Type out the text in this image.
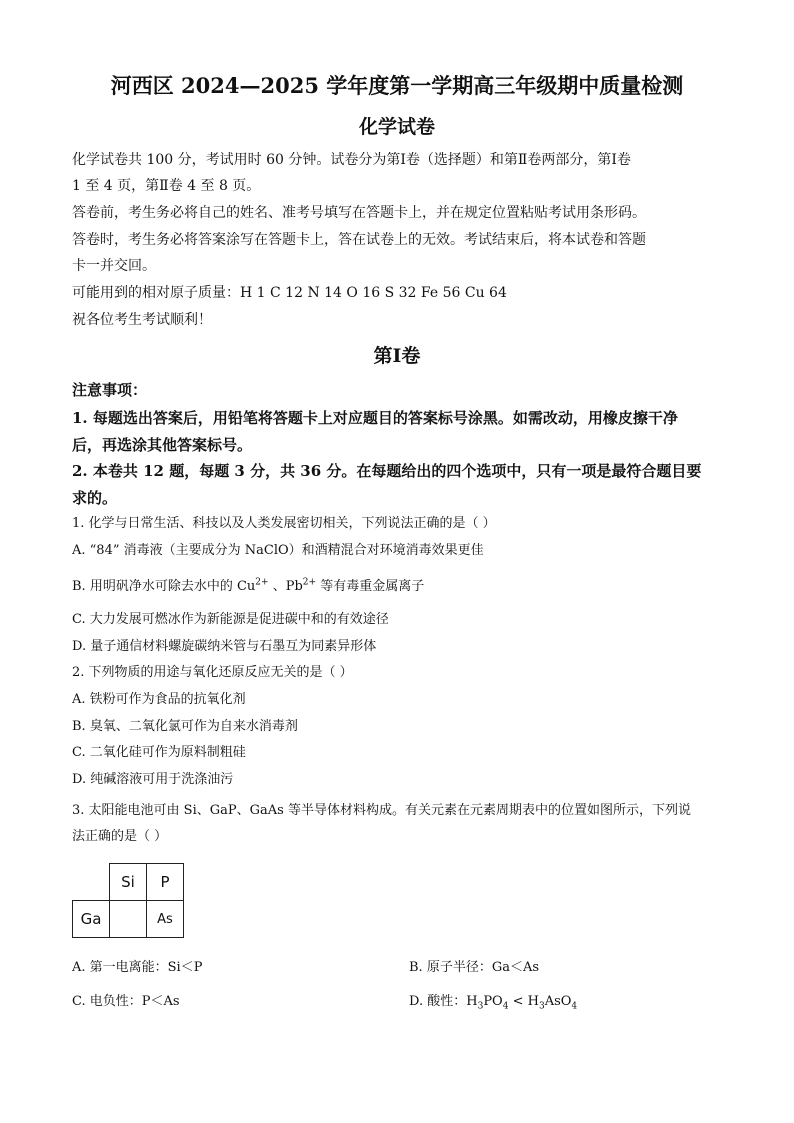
河西区 2024—2025 学年度第一学期高三年级期中质量检测
化学试卷
化学试卷共 100 分，考试用时 60 分钟。试卷分为第Ⅰ卷（选择题）和第Ⅱ卷两部分，第Ⅰ卷
1 至 4 页，第Ⅱ卷 4 至 8 页。
答卷前，考生务必将自己的姓名、准考号填写在答题卡上，并在规定位置粘贴考试用条形码。
答卷时，考生务必将答案涂写在答题卡上，答在试卷上的无效。考试结束后，将本试卷和答题
卡一并交回。
可能用到的相对原子质量：H 1 C 12 N 14 O 16 S 32 Fe 56 Cu 64
祝各位考生考试顺利！
第Ⅰ卷
注意事项：
1. 每题选出答案后，用铅笔将答题卡上对应题目的答案标号涂黑。如需改动，用橡皮擦干净
后，再选涂其他答案标号。
2. 本卷共 12 题，每题 3 分，共 36 分。在每题给出的四个选项中，只有一项是最符合题目要
求的。
1. 化学与日常生活、科技以及人类发展密切相关，下列说法正确的是（ ）
A. “84” 消毒液（主要成分为 NaClO）和酒精混合对环境消毒效果更佳
B. 用明矾净水可除去水中的 $Cu^{2+}$ 、$Pb^{2+}$ 等有毒重金属离子
C. 大力发展可燃冰作为新能源是促进碳中和的有效途径
D. 量子通信材料螺旋碳纳米管与石墨互为同素异形体
2. 下列物质的用途与氧化还原反应无关的是（ ）
A. 铁粉可作为食品的抗氧化剂
B. 臭氧、二氧化氯可作为自来水消毒剂
C. 二氧化硅可作为原料制粗硅
D. 纯碱溶液可用于洗涤油污
3. 太阳能电池可由 Si、GaP、GaAs 等半导体材料构成。有关元素在元素周期表中的位置如图所示，下列说
法正确的是（ ）
	Si	P
Ga		As
A. 第一电离能：Si＜P	B. 原子半径：Ga＜As
C. 电负性：P＜As	D. 酸性：$H_3PO_4 < H_3AsO_4$
